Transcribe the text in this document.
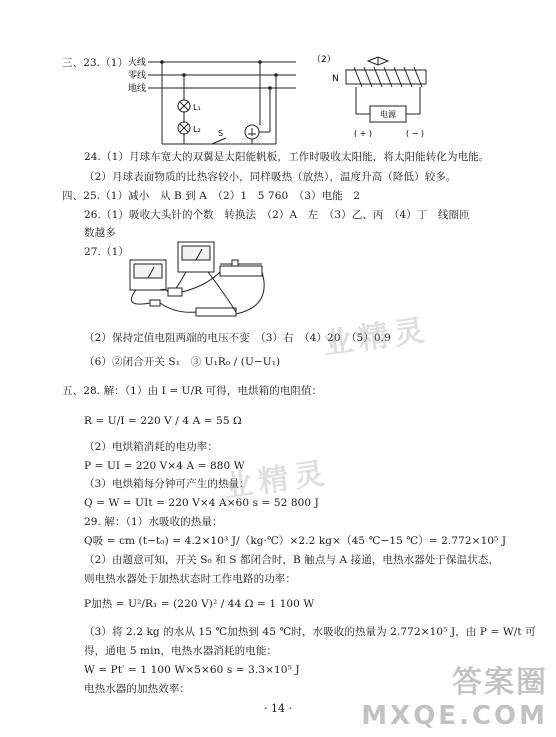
三、23.（1） 火线
零线
地线
L₁
L₂ S
（2）
N
电源
( + )	( − )
24.（1）月球车宽大的双翼是太阳能帆板，工作时吸收太阳能，将太阳能转化为电能。
（2）月球表面物质的比热容较小，同样吸热（放热），温度升高（降低）较多。
四、25.（1）减小　从 B 到 A　（2）1　5 760　（3）电能　2
26.（1）吸收大头针的个数　转换法　（2）A　左　（3）乙、丙　（4）丁　线圈匝
数越多
27.（1）
（2）保持定值电阻两端的电压不变　（3）右　（4）20　（5）0.9
（6）②闭合开关 S₁　③ U₁R₀ / (U−U₁)
五、28. 解：（1）由 I = U/R 可得，电烘箱的电阻值：
R = U/I = 220 V / 4 A = 55 Ω
（2）电烘箱消耗的电功率：
P = UI = 220 V×4 A = 880 W
（3）电烘箱每分钟可产生的热量：
Q = W = UIt = 220 V×4 A×60 s = 52 800 J
29. 解：（1）水吸收的热量：
Q吸 = cm (t−t₀) = 4.2×10³ J/（kg·℃）×2.2 kg×（45 ℃−15 ℃）= 2.772×10⁵ J
（2）由题意可知，开关 S₀ 和 S 都闭合时，B 触点与 A 接通，电热水器处于保温状态，
则电热水器处于加热状态时工作电路的功率：
P加热 = U²/R₁ = (220 V)² / 44 Ω = 1 100 W
（3）将 2.2 kg 的水从 15 ℃加热到 45 ℃时，水吸收的热量为 2.772×10⁵ J，由 P = W/t 可
得，通电 5 min，电热水器消耗的电能：
W = Pt′ = 1 100 W×5×60 s = 3.3×10⁵ J
电热水器的加热效率：
业精灵
业精灵
答案圈
MXQE.COM
· 14 ·
